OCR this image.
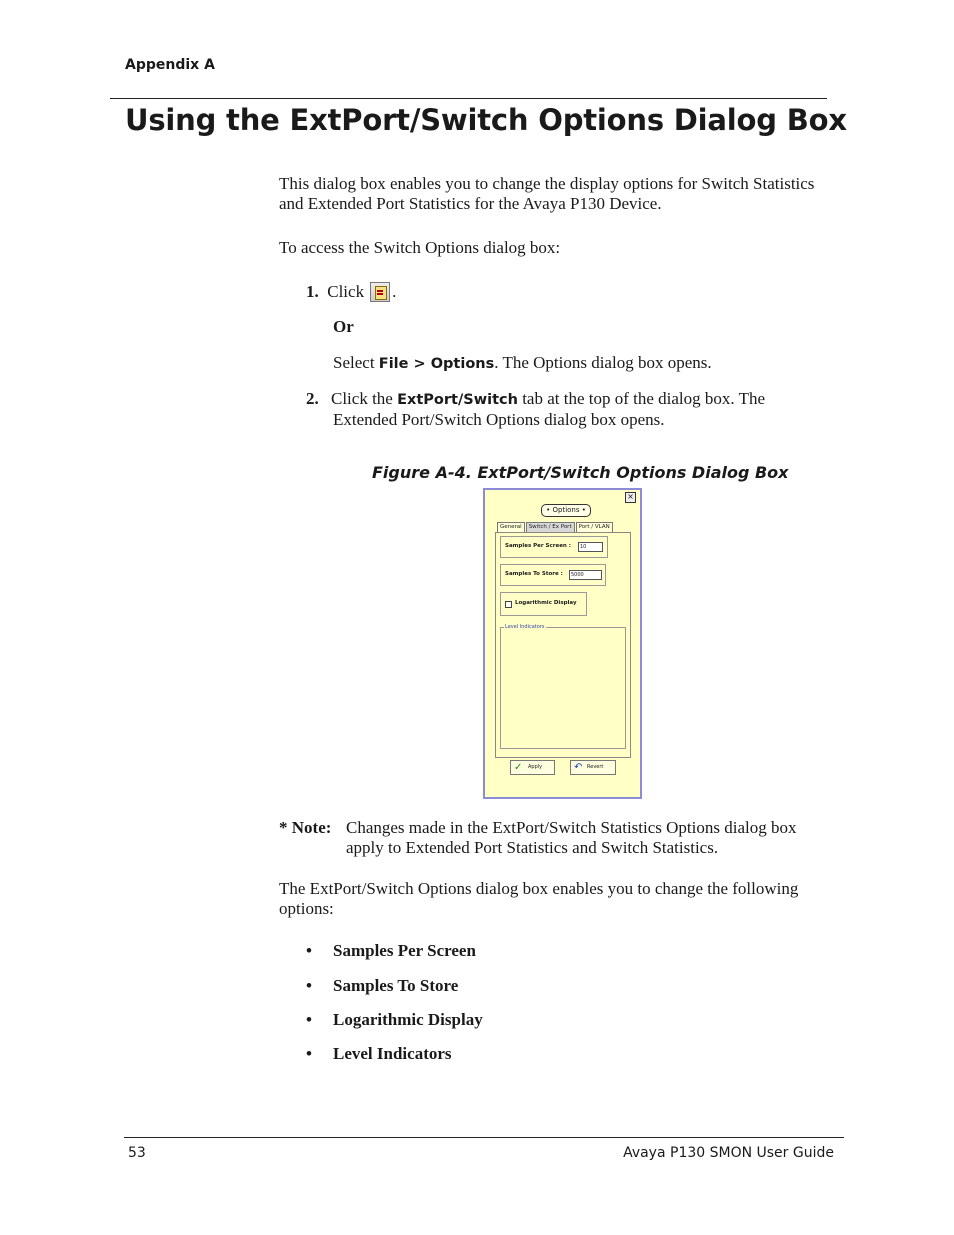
Appendix A
Using the ExtPort/Switch Options Dialog Box
This dialog box enables you to change the display options for Switch Statistics and Extended Port Statistics for the Avaya P130 Device.
To access the Switch Options dialog box:
1. Click .
Or
Select File > Options. The Options dialog box opens.
2. Click the ExtPort/Switch tab at the top of the dialog box. The Extended Port/Switch Options dialog box opens.
Figure A-4. ExtPort/Switch Options Dialog Box
×
• Options •
General	Switch / Ex Port	Port / VLAN
Samples Per Screen :	10
Samples To Store :	5000
Logarithmic Display
Level Indicators
✓ Apply	↶ Revert
* Note: Changes made in the ExtPort/Switch Statistics Options dialog box apply to Extended Port Statistics and Switch Statistics.
The ExtPort/Switch Options dialog box enables you to change the following options:
• Samples Per Screen
• Samples To Store
• Logarithmic Display
• Level Indicators
53	Avaya P130 SMON User Guide
